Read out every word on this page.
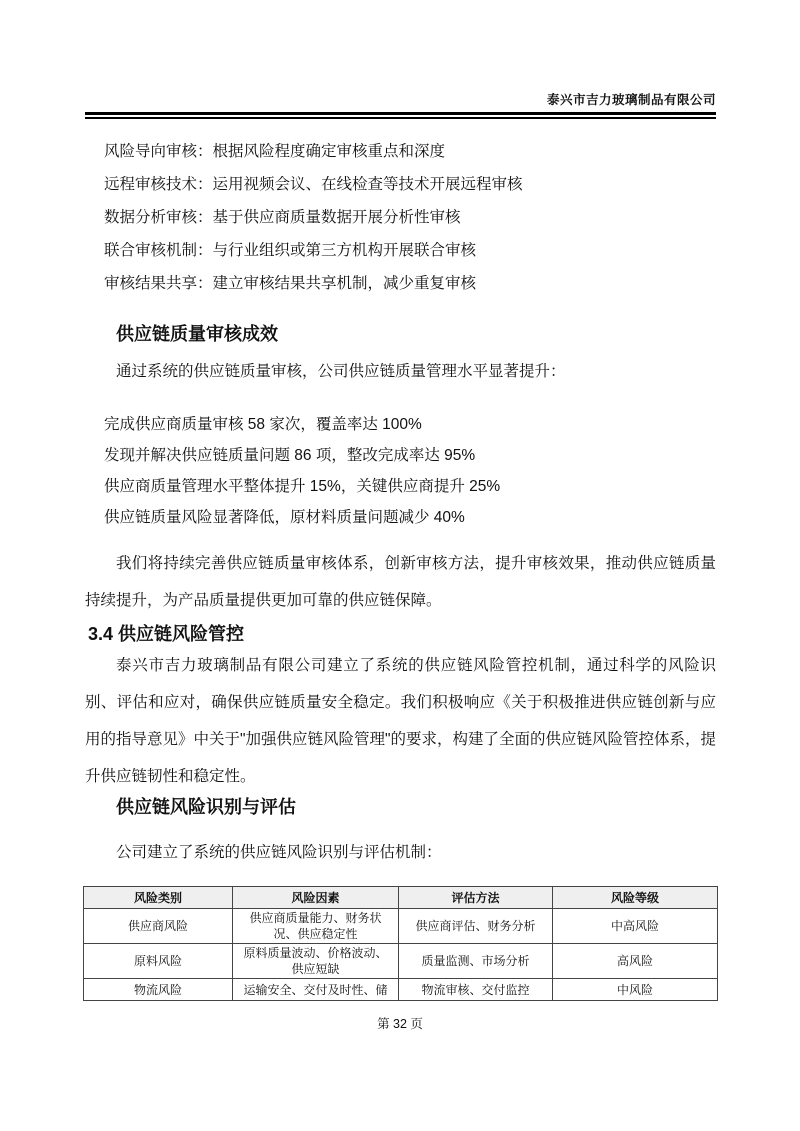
泰兴市吉力玻璃制品有限公司

风险导向审核：根据风险程度确定审核重点和深度

远程审核技术：运用视频会议、在线检查等技术开展远程审核

数据分析审核：基于供应商质量数据开展分析性审核

联合审核机制：与行业组织或第三方机构开展联合审核

审核结果共享：建立审核结果共享机制，减少重复审核

供应链质量审核成效

通过系统的供应链质量审核，公司供应链质量管理水平显著提升：

完成供应商质量审核 58 家次，覆盖率达 100%

发现并解决供应链质量问题 86 项，整改完成率达 95%

供应商质量管理水平整体提升 15%，关键供应商提升 25%

供应链质量风险显著降低，原材料质量问题减少 40%

我们将持续完善供应链质量审核体系，创新审核方法，提升审核效果，推动供应链质量持续提升，为产品质量提供更加可靠的供应链保障。

3.4 供应链风险管控

泰兴市吉力玻璃制品有限公司建立了系统的供应链风险管控机制，通过科学的风险识别、评估和应对，确保供应链质量安全稳定。我们积极响应《关于积极推进供应链创新与应用的指导意见》中关于"加强供应链风险管理"的要求，构建了全面的供应链风险管控体系，提升供应链韧性和稳定性。

供应链风险识别与评估

公司建立了系统的供应链风险识别与评估机制：

风险类别	风险因素	评估方法	风险等级
供应商风险	供应商质量能力、财务状况、供应稳定性	供应商评估、财务分析	中高风险
原料风险	原料质量波动、价格波动、供应短缺	质量监测、市场分析	高风险
物流风险	运输安全、交付及时性、储	物流审核、交付监控	中风险
第 32 页
